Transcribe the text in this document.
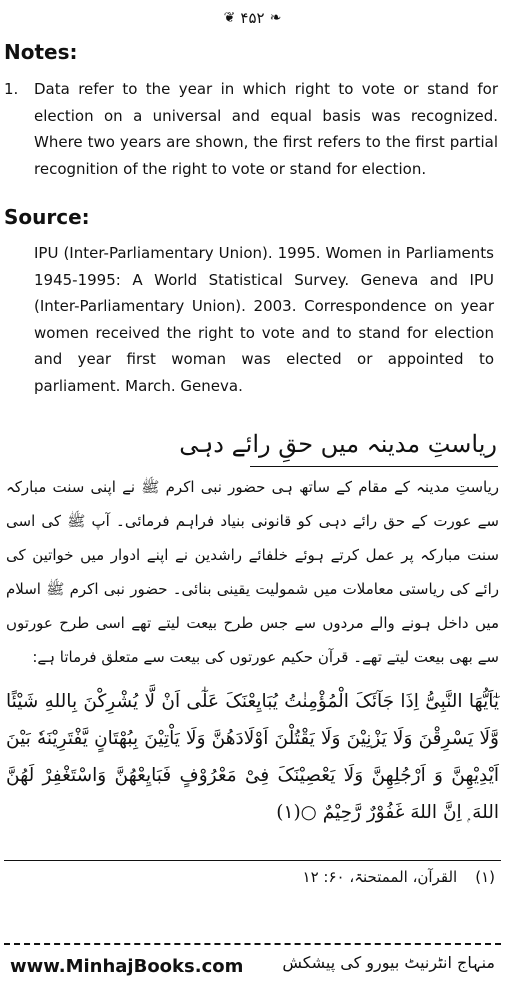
❦ ۴۵۲ ❧
Notes:
1. Data refer to the year in which right to vote or stand for election on a universal and equal basis was recognized. Where two years are shown, the first refers to the first partial recognition of the right to vote or stand for election.
Source:
IPU (Inter-Parliamentary Union). 1995. Women in Parliaments 1945-1995: A World Statistical Survey. Geneva and IPU (Inter-Parliamentary Union). 2003. Correspondence on year women received the right to vote and to stand for election and year first woman was elected or appointed to parliament. March. Geneva.
ریاستِ مدینہ میں حقِ رائے دہی
ریاستِ مدینہ کے مقام کے ساتھ ہی حضور نبی اکرم ﷺ نے اپنی سنت مبارکہ سے عورت کے حق رائے دہی کو قانونی بنیاد فراہم فرمائی۔ آپ ﷺ کی اسی سنت مبارکہ پر عمل کرتے ہوئے خلفائے راشدین نے اپنے ادوار میں خواتین کی رائے کی ریاستی معاملات میں شمولیت یقینی بنائی۔ حضور نبی اکرم ﷺ اسلام میں داخل ہونے والے مردوں سے جس طرح بیعت لیتے تھے اسی طرح عورتوں سے بھی بیعت لیتے تھے۔ قرآن حکیم عورتوں کی بیعت سے متعلق فرماتا ہے:
یٰٓاَیُّھَا النَّبِیُّ اِذَا جَآئَکَ الْمُؤْمِنٰتُ یُبَایِعْنَکَ عَلٰٓی اَنْ لَّا یُشْرِکْنَ بِاللهِ شَیْئًا وَّلَا یَسْرِقْنَ وَلَا یَزْنِیْنَ وَلَا یَقْتُلْنَ اَوْلَادَھُنَّ وَلَا یَاْتِیْنَ بِبُھْتَانٍ یَّفْتَرِیْنَهٗ بَیْنَ اَیْدِیْھِنَّ وَ اَرْجُلِھِنَّ وَلَا یَعْصِیْنَکَ فِیْ مَعْرُوْفٍ فَبَایِعْھُنَّ وَاسْتَغْفِرْ لَھُنَّ اللهَ ۭ اِنَّ اللهَ غَفُوْرٌ رَّحِیْمٌ ○(۱)
(۱)
القرآن، الممتحنۃ، ۶۰: ۱۲
www.MinhajBooks.com منہاج انٹرنیٹ بیورو کی پیشکش
